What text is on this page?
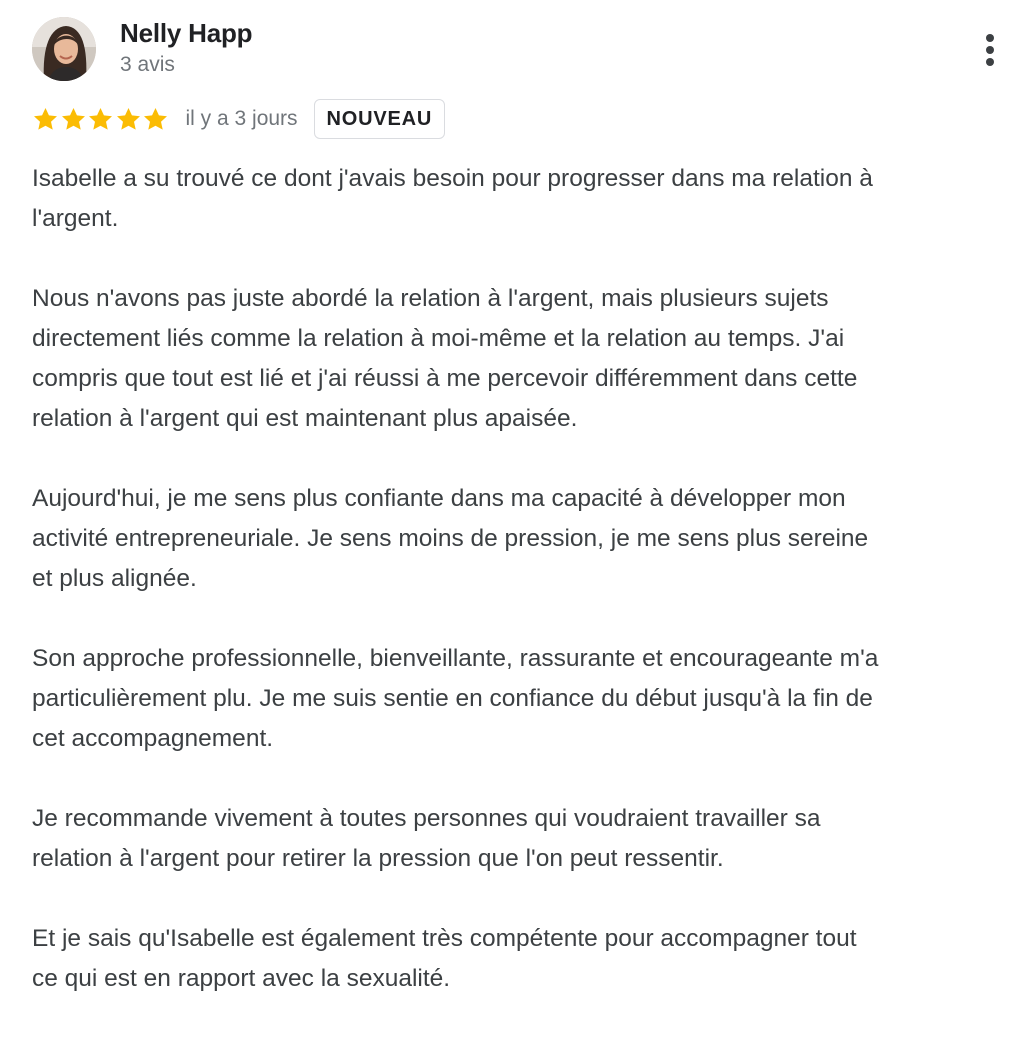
Nelly Happ
3 avis
il y a 3 jours	NOUVEAU

Isabelle a su trouvé ce dont j'avais besoin pour progresser dans ma relation à
l'argent.

Nous n'avons pas juste abordé la relation à l'argent, mais plusieurs sujets
directement liés comme la relation à moi-même et la relation au temps. J'ai
compris que tout est lié et j'ai réussi à me percevoir différemment dans cette
relation à l'argent qui est maintenant plus apaisée.

Aujourd'hui, je me sens plus confiante dans ma capacité à développer mon
activité entrepreneuriale. Je sens moins de pression, je me sens plus sereine
et plus alignée.

Son approche professionnelle, bienveillante, rassurante et encourageante m'a
particulièrement plu. Je me suis sentie en confiance du début jusqu'à la fin de
cet accompagnement.

Je recommande vivement à toutes personnes qui voudraient travailler sa
relation à l'argent pour retirer la pression que l'on peut ressentir.

Et je sais qu'Isabelle est également très compétente pour accompagner tout
ce qui est en rapport avec la sexualité.
